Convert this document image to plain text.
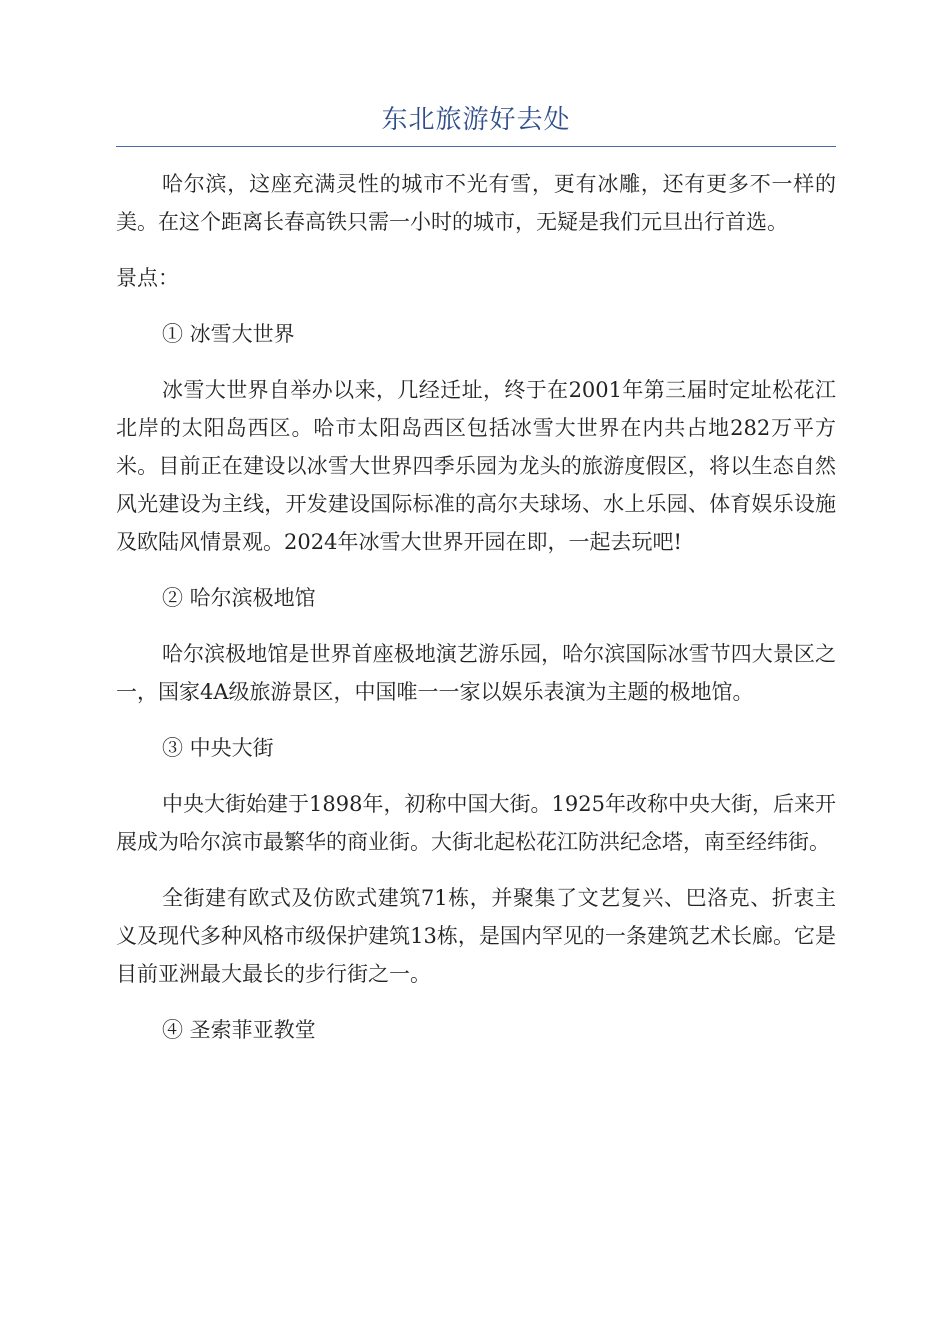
东北旅游好去处

哈尔滨，这座充满灵性的城市不光有雪，更有冰雕，还有更多不一样的美。在这个距离长春高铁只需一小时的城市，无疑是我们元旦出行首选。

景点：

① 冰雪大世界

冰雪大世界自举办以来，几经迁址，终于在2001年第三届时定址松花江北岸的太阳岛西区。哈市太阳岛西区包括冰雪大世界在内共占地282万平方米。目前正在建设以冰雪大世界四季乐园为龙头的旅游度假区，将以生态自然风光建设为主线，开发建设国际标准的高尔夫球场、水上乐园、体育娱乐设施及欧陆风情景观。2024年冰雪大世界开园在即，一起去玩吧!

② 哈尔滨极地馆

哈尔滨极地馆是世界首座极地演艺游乐园，哈尔滨国际冰雪节四大景区之一，国家4A级旅游景区，中国唯一一家以娱乐表演为主题的极地馆。

③ 中央大街

中央大街始建于1898年，初称中国大街。1925年改称中央大街，后来开展成为哈尔滨市最繁华的商业街。大街北起松花江防洪纪念塔，南至经纬街。

全街建有欧式及仿欧式建筑71栋，并聚集了文艺复兴、巴洛克、折衷主义及现代多种风格市级保护建筑13栋，是国内罕见的一条建筑艺术长廊。它是目前亚洲最大最长的步行街之一。

④ 圣索菲亚教堂
